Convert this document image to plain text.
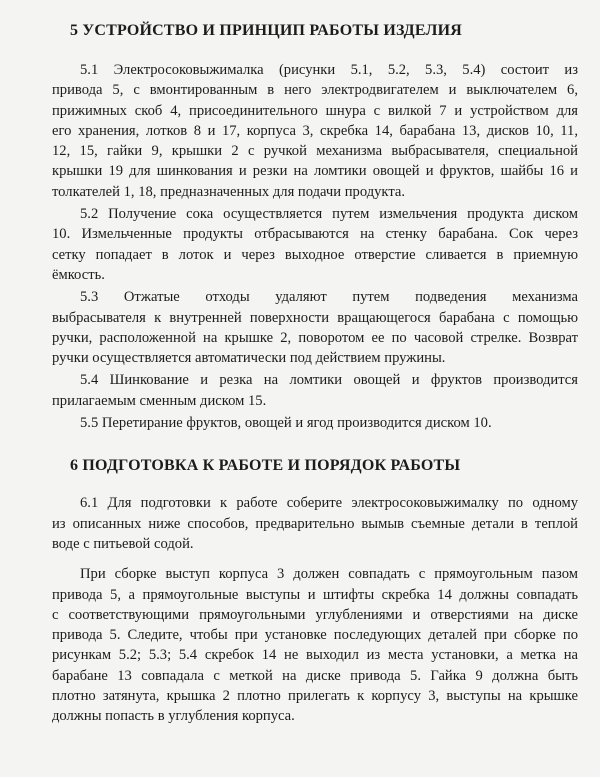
5 УСТРОЙСТВО И ПРИНЦИП РАБОТЫ ИЗДЕЛИЯ
5.1 Электросоковыжималка (рисунки 5.1, 5.2, 5.3, 5.4) состоит из
привода 5, с вмонтированным в него электродвигателем и выключателем 6,
прижимных скоб 4, присоединительного шнура с вилкой 7 и устройством для
его хранения, лотков 8 и 17, корпуса 3, скребка 14, барабана 13, дисков 10, 11,
12, 15, гайки 9, крышки 2 с ручкой механизма выбрасывателя, специальной
крышки 19 для шинкования и резки на ломтики овощей и фруктов, шайбы 16 и
толкателей 1, 18, предназначенных для подачи продукта.
5.2 Получение сока осуществляется путем измельчения продукта диском
10. Измельченные продукты отбрасываются на стенку барабана. Сок через
сетку попадает в лоток и через выходное отверстие сливается в приемную
ёмкость.
5.3 Отжатые отходы удаляют путем подведения механизма
выбрасывателя к внутренней поверхности вращающегося барабана с помощью
ручки, расположенной на крышке 2, поворотом ее по часовой стрелке. Возврат
ручки осуществляется автоматически под действием пружины.
5.4 Шинкование и резка на ломтики овощей и фруктов производится
прилагаемым сменным диском 15.
5.5 Перетирание фруктов, овощей и ягод производится диском 10.
6 ПОДГОТОВКА К РАБОТЕ И ПОРЯДОК РАБОТЫ
6.1 Для подготовки к работе соберите электросоковыжималку по одному
из описанных ниже способов, предварительно вымыв съемные детали в теплой
воде с питьевой содой.
При сборке выступ корпуса 3 должен совпадать с прямоугольным пазом
привода 5, а прямоугольные выступы и штифты скребка 14 должны совпадать
с соответствующими прямоугольными углублениями и отверстиями на диске
привода 5. Следите, чтобы при установке последующих деталей при сборке по
рисункам 5.2; 5.3; 5.4 скребок 14 не выходил из места установки, а метка на
барабане 13 совпадала с меткой на диске привода 5. Гайка 9 должна быть
плотно затянута, крышка 2 плотно прилегать к корпусу 3, выступы на крышке
должны попасть в углубления корпуса.
